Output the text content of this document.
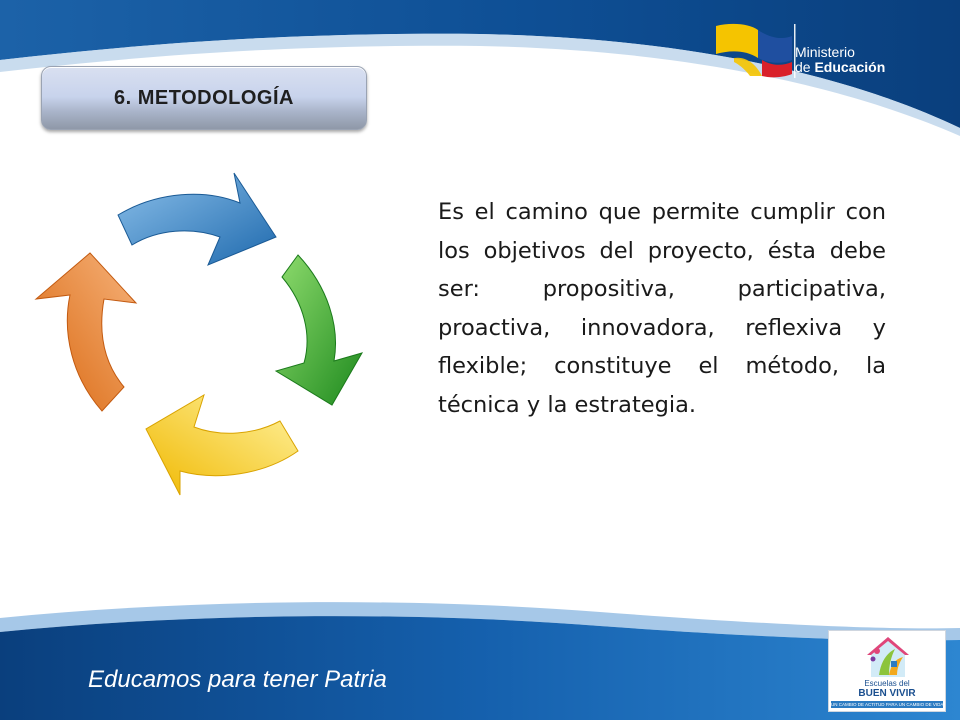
Ministerio
de Educación
6. METODOLOGÍA
Es el camino que permite cumplir con los objetivos del proyecto, ésta debe ser: propositiva, participativa, proactiva, innovadora, reflexiva y flexible; constituye el método, la técnica y la estrategia.
Educamos para tener Patria	Escuelas del
BUEN VIVIR
UN CAMBIO DE ACTITUD PARA UN CAMBIO DE VIDA
